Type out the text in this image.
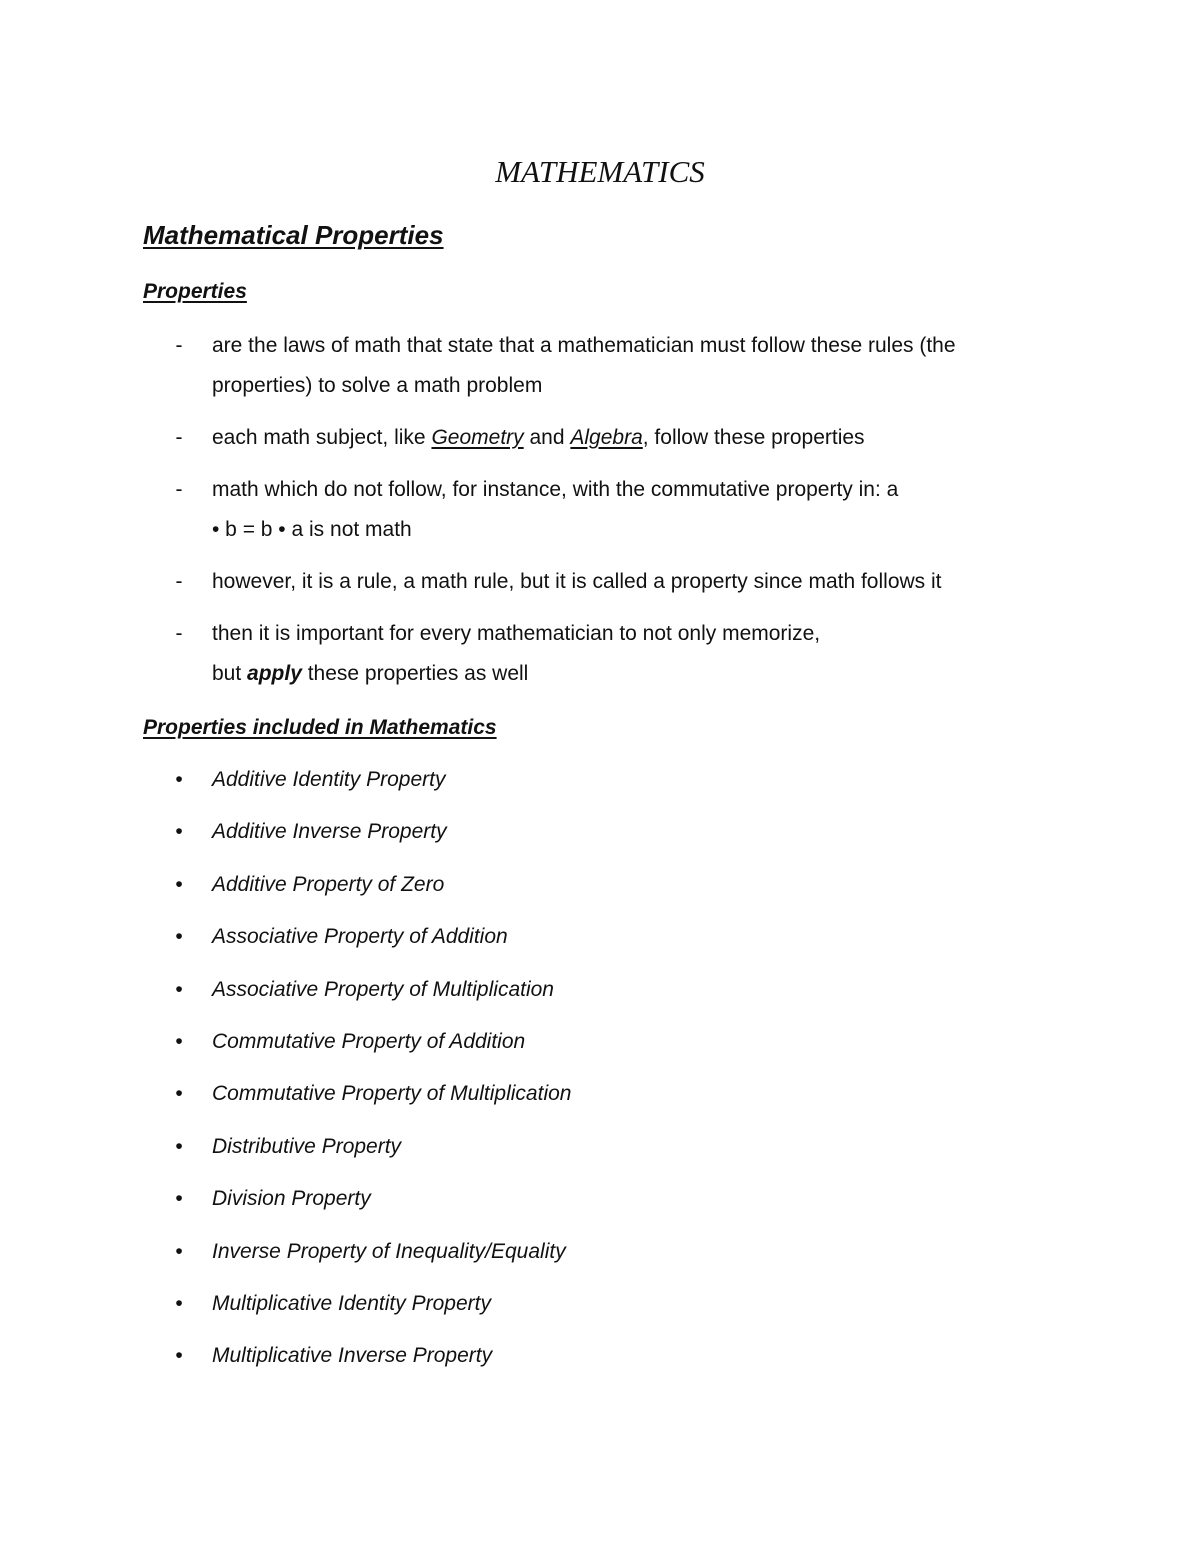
MATHEMATICS
Mathematical Properties
Properties
- are the laws of math that state that a mathematician must follow these rules (the
properties) to solve a math problem
- each math subject, like Geometry and Algebra, follow these properties
- math which do not follow, for instance, with the commutative property in: a
• b = b • a is not math
- however, it is a rule, a math rule, but it is called a property since math follows it
- then it is important for every mathematician to not only memorize,
but apply these properties as well
Properties included in Mathematics
• Additive Identity Property
• Additive Inverse Property
• Additive Property of Zero
• Associative Property of Addition
• Associative Property of Multiplication
• Commutative Property of Addition
• Commutative Property of Multiplication
• Distributive Property
• Division Property
• Inverse Property of Inequality/Equality
• Multiplicative Identity Property
• Multiplicative Inverse Property
